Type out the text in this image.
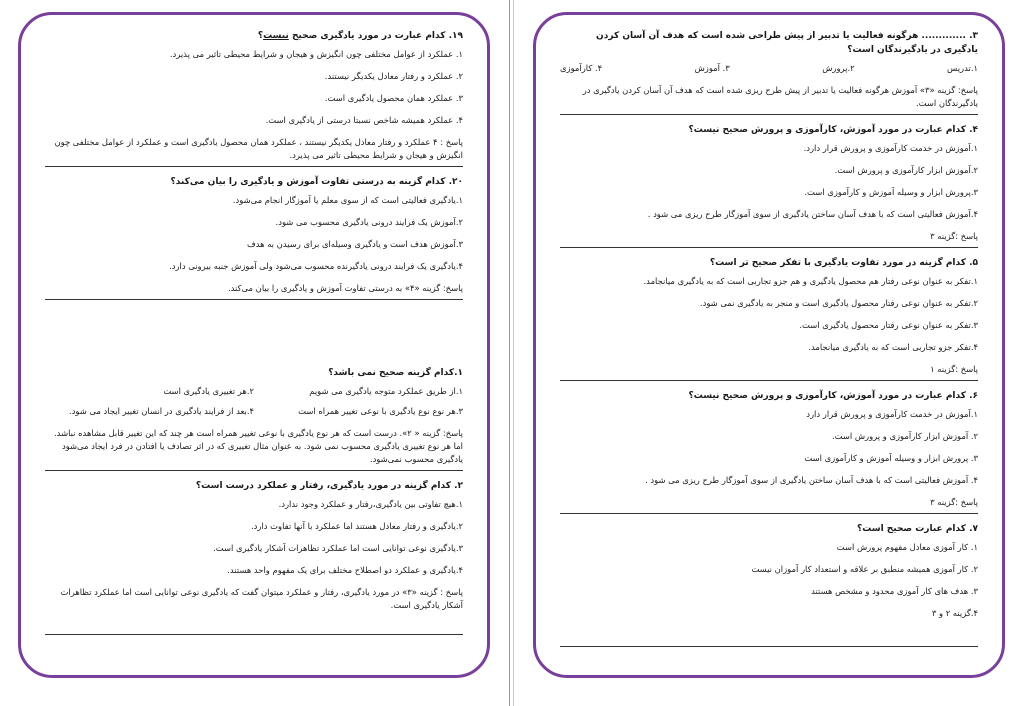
۱۹. کدام عبارت در مورد یادگیری صحیح نیست؟

۱. عملکرد از عوامل مختلفی چون انگیزش و هیجان و شرایط محیطی تاثیر می پذیرد.

۲. عملکرد و رفتار معادل یکدیگر نیستند.

۳. عملکرد همان محصول یادگیری است.

۴. عملکرد همیشه شاخص نسبتا درستی از یادگیری است.

پاسخ : ۴ عملکرد و رفتار معادل یکدیگر نیستند ، عملکرد همان محصول یادگیری است و عملکرد از عوامل مختلفی چون انگیزش و هیجان و شرایط محیطی تاثیر می پذیرد.

۲۰. کدام گزینه به درستی تفاوت آموزش و یادگیری را بیان می‌کند؟

۱.یادگیری فعالیتی است که از سوی معلم یا آموزگار انجام می‌شود.

۲.آموزش یک فرایند درونی یادگیری محسوب می شود.

۳.آموزش هدف است و یادگیری وسیله‌ای برای رسیدن به هدف

۴.یادگیری یک فرایند درونی یادگیرنده محسوب می‌شود ولی آموزش جنبه بیرونی دارد.

پاسخ: گزینه «۴» به درستی تفاوت آموزش و یادگیری را بیان می‌کند.

۱.کدام گزینه صحیح نمی باشد؟

۱.از طریق عملکرد متوجه یادگیری می شویم
۲.هر تغییری یادگیری است
۳.هر نوع نوع یادگیری با نوعی تغییر همراه است
۴.بعد از فرایند یادگیری در انسان تغییر ایجاد می شود.

پاسخ: گزینه « ۲». درست است که هر نوع یادگیری با نوعی تغییر همراه است هر چند که این تغییر قابل مشاهده نباشد. اما هر نوع تغییری یادگیری محسوب نمی شود. به عنوان مثال تغییری که در اثر تصادف یا افتادن در فرد ایجاد می‌شود یادگیری محسوب نمی‌شود.

۲. کدام گزینه در مورد یادگیری، رفتار و عملکرد درست است؟

۱.هیچ تفاوتی بین یادگیری،رفتار و عملکرد وجود ندارد.

۲.یادگیری و رفتار معادل هستند اما عملکرد با آنها تفاوت دارد.

۳.یادگیری نوعی توانایی است اما عملکرد تظاهرات آشکار یادگیری است.

۴.یادگیری و عملکرد دو اصطلاح مختلف برای یک مفهوم واحد هستند.

پاسخ : گزینه «۳» در مورد یادگیری، رفتار و عملکرد میتوان گفت که یادگیری نوعی توانایی است اما عملکرد تظاهرات آشکار یادگیری است.

۳. ............. هرگونه فعالیت یا تدبیر از پیش طراحی شده است که هدف آن آسان کردن یادگیری در یادگیرندگان است؟

۱.تدریس
۲.پرورش
۳. آموزش
۴. کارآموزی

پاسخ: گزینه «۳» آموزش هرگونه فعالیت یا تدبیر از پیش طرح ریزی شده است که هدف آن آسان کردن یادگیری در یادگیرندگان است.

۴. کدام عبارت در مورد آموزش، کارآموزی و پرورش صحیح نیست؟

۱.آموزش در خدمت کارآموزی و پرورش قرار دارد.

۲.آموزش ابزار کارآموزی و پرورش است.

۳.پرورش ابزار و وسیله آموزش و کارآموزی است.

۴.آموزش فعالیتی است که با هدف آسان ساختن یادگیری از سوی آموزگار طرح ریزی می شود .

پاسخ :گزینه ۳

۵. کدام گزینه در مورد تفاوت یادگیری با تفکر صحیح تر است؟

۱.تفکر به عنوان نوعی رفتار هم محصول یادگیری و هم جزو تجاربی است که به یادگیری میانجامد.

۲.تفکر به عنوان نوعی رفتار محصول یادگیری است و منجر به یادگیری نمی شود.

۳.تفکر به عنوان نوعی رفتار محصول یادگیری است.

۴.تفکر جزو تجاربی است که به یادگیری میانجامد.

پاسخ :گزینه ۱

۶. کدام عبارت در مورد آموزش، کارآموزی و پرورش صحیح نیست؟

۱.آموزش در خدمت کارآموزی و پرورش قرار دارد

۲. آموزش ابزار کارآموزی و پرورش است.

۳. پرورش ابزار و وسیله آموزش و کارآموزی است

۴. آموزش فعالیتی است که با هدف آسان ساختن یادگیری از سوی آموزگار طرح ریزی می شود .

پاسخ :گزینه ۳

۷. کدام عبارت صحیح است؟

۱. کار آموزی معادل مفهوم پرورش است

۲. کار آموزی همیشه منطبق بر علاقه و استعداد کار آموزان نیست

۳. هدف های کار آموزی محدود و مشخص هستند

۴.گزینه ۲ و ۳
